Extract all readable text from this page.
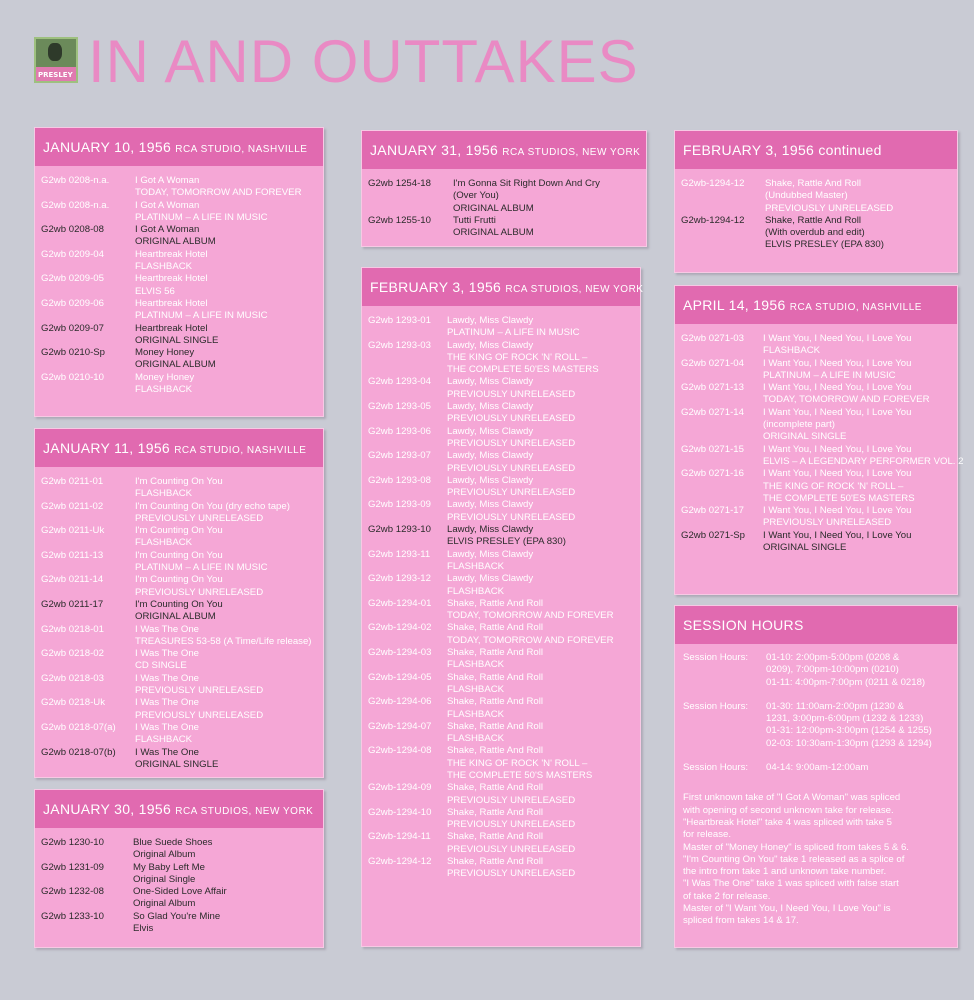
PRESLEY IN AND OUTTAKES
JANUARY 10, 1956 RCA STUDIO, NASHVILLE
G2wb 0208-n.a.	I Got A Woman
TODAY, TOMORROW AND FOREVER
G2wb 0208-n.a.	I Got A Woman
PLATINUM – A LIFE IN MUSIC
G2wb 0208-08	I Got A Woman
ORIGINAL ALBUM
G2wb 0209-04	Heartbreak Hotel
FLASHBACK
G2wb 0209-05	Heartbreak Hotel
ELVIS 56
G2wb 0209-06	Heartbreak Hotel
PLATINUM – A LIFE IN MUSIC
G2wb 0209-07	Heartbreak Hotel
ORIGINAL SINGLE
G2wb 0210-Sp	Money Honey
ORIGINAL ALBUM
G2wb 0210-10	Money Honey
FLASHBACK
JANUARY 11, 1956 RCA STUDIO, NASHVILLE
G2wb 0211-01	I'm Counting On You
FLASHBACK
G2wb 0211-02	I'm Counting On You (dry echo tape)
PREVIOUSLY UNRELEASED
G2wb 0211-Uk	I'm Counting On You
FLASHBACK
G2wb 0211-13	I'm Counting On You
PLATINUM – A LIFE IN MUSIC
G2wb 0211-14	I'm Counting On You
PREVIOUSLY UNRELEASED
G2wb 0211-17	I'm Counting On You
ORIGINAL ALBUM
G2wb 0218-01	I Was The One
TREASURES 53-58 (A Time/Life release)
G2wb 0218-02	I Was The One
CD SINGLE
G2wb 0218-03	I Was The One
PREVIOUSLY UNRELEASED
G2wb 0218-Uk	I Was The One
PREVIOUSLY UNRELEASED
G2wb 0218-07(a)	I Was The One
FLASHBACK
G2wb 0218-07(b)	I Was The One
ORIGINAL SINGLE
JANUARY 30, 1956 RCA STUDIOS, NEW YORK
G2wb 1230-10	Blue Suede Shoes
Original Album
G2wb 1231-09	My Baby Left Me
Original Single
G2wb 1232-08	One-Sided Love Affair
Original Album
G2wb 1233-10	So Glad You're Mine
Elvis
JANUARY 31, 1956 RCA STUDIOS, NEW YORK
G2wb 1254-18	I'm Gonna Sit Right Down And Cry
(Over You)
ORIGINAL ALBUM
G2wb 1255-10	Tutti Frutti
ORIGINAL ALBUM
FEBRUARY 3, 1956 RCA STUDIOS, NEW YORK
G2wb 1293-01	Lawdy, Miss Clawdy
PLATINUM – A LIFE IN MUSIC
G2wb 1293-03	Lawdy, Miss Clawdy
THE KING OF ROCK 'N' ROLL –
THE COMPLETE 50'ES MASTERS
G2wb 1293-04	Lawdy, Miss Clawdy
PREVIOUSLY UNRELEASED
G2wb 1293-05	Lawdy, Miss Clawdy
PREVIOUSLY UNRELEASED
G2wb 1293-06	Lawdy, Miss Clawdy
PREVIOUSLY UNRELEASED
G2wb 1293-07	Lawdy, Miss Clawdy
PREVIOUSLY UNRELEASED
G2wb 1293-08	Lawdy, Miss Clawdy
PREVIOUSLY UNRELEASED
G2wb 1293-09	Lawdy, Miss Clawdy
PREVIOUSLY UNRELEASED
G2wb 1293-10	Lawdy, Miss Clawdy
ELVIS PRESLEY (EPA 830)
G2wb 1293-11	Lawdy, Miss Clawdy
FLASHBACK
G2wb 1293-12	Lawdy, Miss Clawdy
FLASHBACK
G2wb-1294-01	Shake, Rattle And Roll
TODAY, TOMORROW AND FOREVER
G2wb-1294-02	Shake, Rattle And Roll
TODAY, TOMORROW AND FOREVER
G2wb-1294-03	Shake, Rattle And Roll
FLASHBACK
G2wb-1294-05	Shake, Rattle And Roll
FLASHBACK
G2wb-1294-06	Shake, Rattle And Roll
FLASHBACK
G2wb-1294-07	Shake, Rattle And Roll
FLASHBACK
G2wb-1294-08	Shake, Rattle And Roll
THE KING OF ROCK 'N' ROLL –
THE COMPLETE 50'S MASTERS
G2wb-1294-09	Shake, Rattle And Roll
PREVIOUSLY UNRELEASED
G2wb-1294-10	Shake, Rattle And Roll
PREVIOUSLY UNRELEASED
G2wb-1294-11	Shake, Rattle And Roll
PREVIOUSLY UNRELEASED
G2wb-1294-12	Shake, Rattle And Roll
PREVIOUSLY UNRELEASED
FEBRUARY 3, 1956 continued
G2wb-1294-12	Shake, Rattle And Roll
(Undubbed Master)
PREVIOUSLY UNRELEASED
G2wb-1294-12	Shake, Rattle And Roll
(With overdub and edit)
ELVIS PRESLEY (EPA 830)
APRIL 14, 1956 RCA STUDIO, NASHVILLE
G2wb 0271-03	I Want You, I Need You, I Love You
FLASHBACK
G2wb 0271-04	I Want You, I Need You, I Love You
PLATINUM – A LIFE IN MUSIC
G2wb 0271-13	I Want You, I Need You, I Love You
TODAY, TOMORROW AND FOREVER
G2wb 0271-14	I Want You, I Need You, I Love You
(incomplete part)
ORIGINAL SINGLE
G2wb 0271-15	I Want You, I Need You, I Love You
ELVIS – A LEGENDARY PERFORMER VOL. 2
G2wb 0271-16	I Want You, I Need You, I Love You
THE KING OF ROCK 'N' ROLL –
THE COMPLETE 50'ES MASTERS
G2wb 0271-17	I Want You, I Need You, I Love You
PREVIOUSLY UNRELEASED
G2wb 0271-Sp	I Want You, I Need You, I Love You
ORIGINAL SINGLE
SESSION HOURS
Session Hours:	01-10: 2:00pm-5:00pm (0208 &
0209), 7:00pm-10:00pm (0210)
01-11: 4:00pm-7:00pm (0211 & 0218)
Session Hours:	01-30: 11:00am-2:00pm (1230 &
1231, 3:00pm-6:00pm (1232 & 1233)
01-31: 12:00pm-3:00pm (1254 & 1255)
02-03: 10:30am-1:30pm (1293 & 1294)
Session Hours:	04-14: 9:00am-12:00am
First unknown take of "I Got A Woman" was spliced
with opening of second unknown take for release.
"Heartbreak Hotel" take 4 was spliced with take 5
for release.
Master of "Money Honey" is spliced from takes 5 & 6.
"I'm Counting On You" take 1 released as a splice of
the intro from take 1 and unknown take number.
"I Was The One" take 1 was spliced with false start
of take 2 for release.
Master of "I Want You, I Need You, I Love You" is
spliced from takes 14 & 17.
